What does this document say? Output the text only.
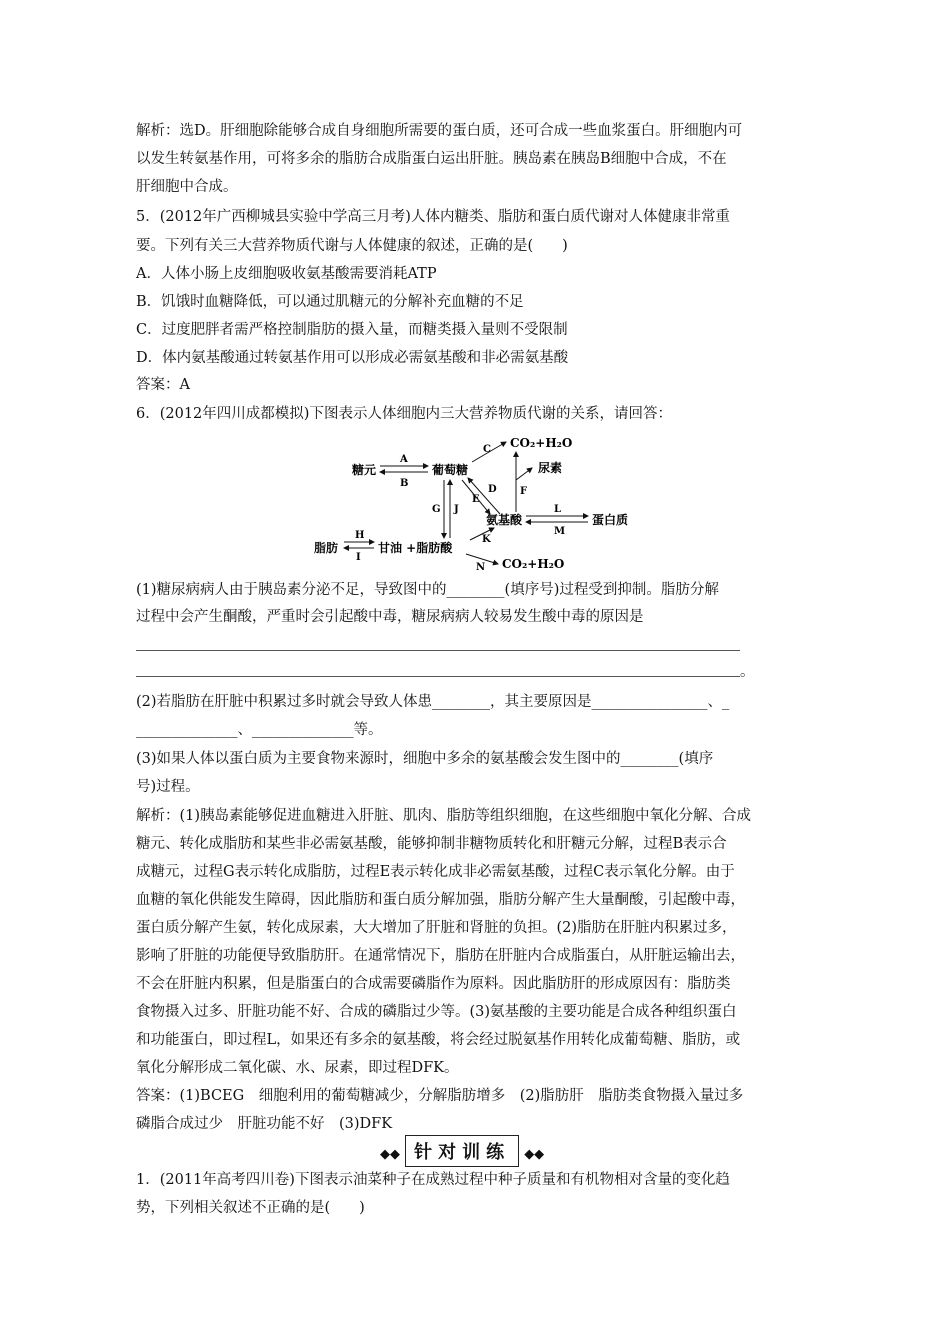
解析：选D。肝细胞除能够合成自身细胞所需要的蛋白质，还可合成一些血浆蛋白。肝细胞内可
以发生转氨基作用，可将多余的脂肪合成脂蛋白运出肝脏。胰岛素在胰岛B细胞中合成，不在
肝细胞中合成。
5．(2012年广西柳城县实验中学高三月考)人体内糖类、脂肪和蛋白质代谢对人体健康非常重
要。下列有关三大营养物质代谢与人体健康的叙述，正确的是(　　)
A．人体小肠上皮细胞吸收氨基酸需要消耗ATP
B．饥饿时血糖降低，可以通过肌糖元的分解补充血糖的不足
C．过度肥胖者需严格控制脂肪的摄入量，而糖类摄入量则不受限制
D．体内氨基酸通过转氨基作用可以形成必需氨基酸和非必需氨基酸
答案：A
6．(2012年四川成都模拟)下图表示人体细胞内三大营养物质代谢的关系，请回答：
糖元	葡萄糖
CO₂+H₂O
尿素
氨基酸	蛋白质
脂肪	甘油 +脂肪酸
CO₂+H₂O
A
B
C
D
E
F
L
M
G J
H
I
K
N
(1)糖尿病病人由于胰岛素分泌不足，导致图中的________(填序号)过程受到抑制。脂肪分解
过程中会产生酮酸，严重时会引起酸中毒，糖尿病病人较易发生酸中毒的原因是
。
(2)若脂肪在肝脏中积累过多时就会导致人体患________，其主要原因是________________、_
______________、______________等。
(3)如果人体以蛋白质为主要食物来源时，细胞中多余的氨基酸会发生图中的________(填序
号)过程。
解析：(1)胰岛素能够促进血糖进入肝脏、肌肉、脂肪等组织细胞，在这些细胞中氧化分解、合成
糖元、转化成脂肪和某些非必需氨基酸，能够抑制非糖物质转化和肝糖元分解，过程B表示合
成糖元，过程G表示转化成脂肪，过程E表示转化成非必需氨基酸，过程C表示氧化分解。由于
血糖的氧化供能发生障碍，因此脂肪和蛋白质分解加强，脂肪分解产生大量酮酸，引起酸中毒，
蛋白质分解产生氨，转化成尿素，大大增加了肝脏和肾脏的负担。(2)脂肪在肝脏内积累过多，
影响了肝脏的功能便导致脂肪肝。在通常情况下，脂肪在肝脏内合成脂蛋白，从肝脏运输出去，
不会在肝脏内积累，但是脂蛋白的合成需要磷脂作为原料。因此脂肪肝的形成原因有：脂肪类
食物摄入过多、肝脏功能不好、合成的磷脂过少等。(3)氨基酸的主要功能是合成各种组织蛋白
和功能蛋白，即过程L，如果还有多余的氨基酸，将会经过脱氨基作用转化成葡萄糖、脂肪，或
氧化分解形成二氧化碳、水、尿素，即过程DFK。
答案：(1)BCEG　细胞利用的葡萄糖减少，分解脂肪增多　(2)脂肪肝　脂肪类食物摄入量过多
磷脂合成过少　肝脏功能不好　(3)DFK
◆◆ 针对训练 ◆◆
1．(2011年高考四川卷)下图表示油菜种子在成熟过程中种子质量和有机物相对含量的变化趋
势，下列相关叙述不正确的是(　　)
